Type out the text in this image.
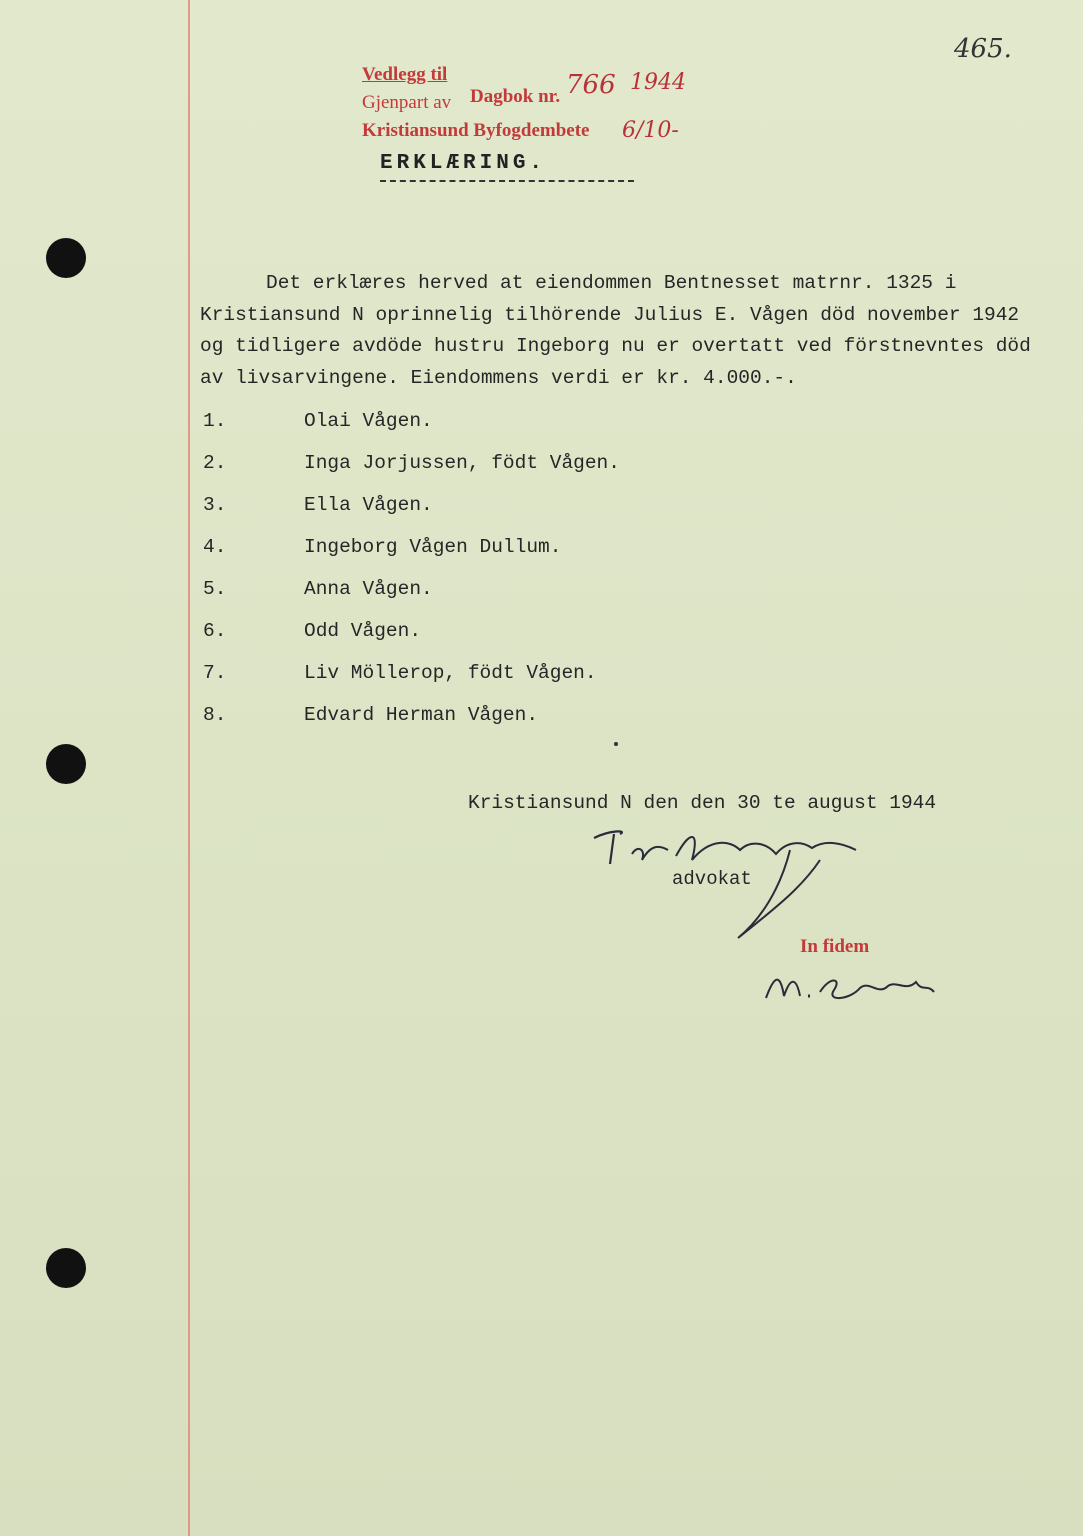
465.
Vedlegg til
Dagbok nr.
Gjenpart av
Kristiansund Byfogdembete
766 1944
6/10-
ERKLÆRING.
Det erklæres herved at eiendommen Bentnesset matrnr. 1325 i Kristiansund N oprinnelig tilhörende Julius E. Vågen död november 1942 og tidligere avdöde hustru Ingeborg nu er overtatt ved förstnevntes död av livsarvingene. Eiendommens verdi er kr. 4.000.-.
1.	Olai Vågen.
2.	Inga Jorjussen, födt Vågen.
3.	Ella Vågen.
4.	Ingeborg Vågen Dullum.
5.	Anna Vågen.
6.	Odd Vågen.
7.	Liv Möllerop, födt Vågen.
8.	Edvard Herman Vågen.
Kristiansund N den den 30 te august 1944
advokat
In fidem
